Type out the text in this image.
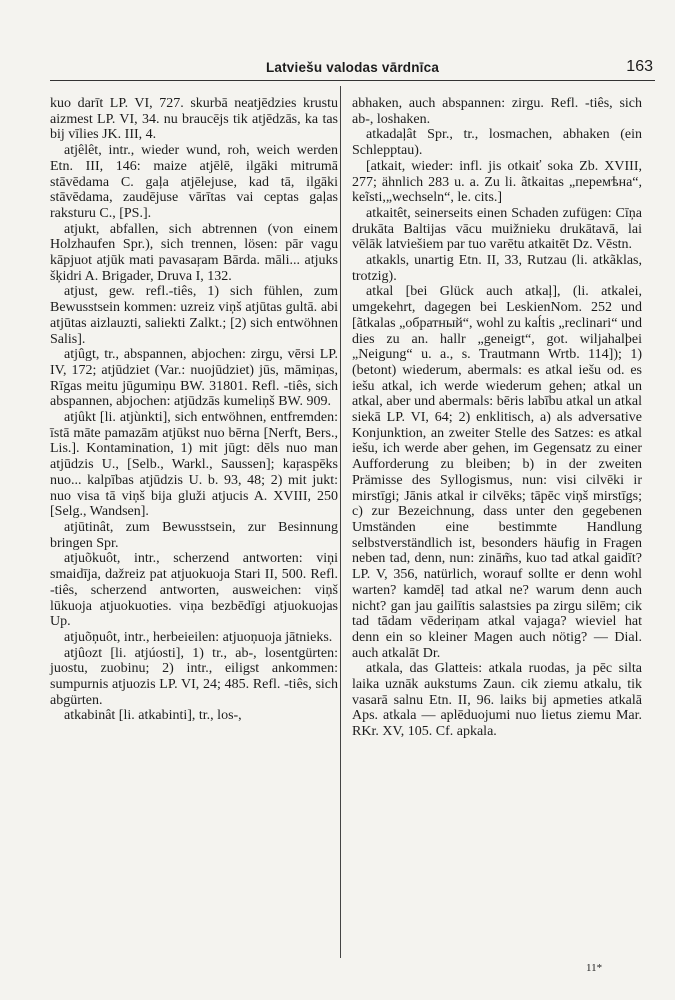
Latviešu valodas vārdnīca	163

kuo darīt LP. VI, 727. skurbā neatjēdzies krustu aizmest LP. VI, 34. nu braucējs tik atjēdzās, ka tas bij vīlies JK. III, 4.

atjêlêt, intr., wieder wund, roh, weich werden Etn. III, 146: maize atjēlē, ilgāki mitrumā stāvēdama C. gaļa atjēlejuse, kad tā, ilgāki stāvēdama, zaudējuse vārītas vai ceptas gaļas raksturu C., [PS.].

atjukt, abfallen, sich abtrennen (von einem Holzhaufen Spr.), sich trennen, lösen: pār vagu kāpjuot atjūk mati pavasaŗam Bārda. māli... atjuks šķidri A. Brigader, Druva I, 132.

atjust, gew. refl.-tiês, 1) sich fühlen, zum Bewusstsein kommen: uzreiz viņš atjūtas gultā. abi atjūtas aizlauzti, saliekti Zalkt.; [2) sich entwöhnen Salis].

atjûgt, tr., abspannen, abjochen: zirgu, vērsi LP. IV, 172; atjūdziet (Var.: nuojūdziet) jūs, māmiņas, Rīgas meitu jūgumiņu BW. 31801. Refl. -tiês, sich abspannen, abjochen: atjūdzās kumeliņš BW. 909.

atjûkt [li. atjùnkti], sich entwöhnen, entfremden: īstā māte pamazām atjūkst nuo bērna [Nerft, Bers., Lis.]. Kontamination, 1) mit jūgt: dēls nuo man atjūdzis U., [Selb., Warkl., Saussen]; kaŗaspēks nuo... kalpības atjūdzis U. b. 93, 48; 2) mit jukt: nuo visa tā viņš bija gluži atjucis A. XVIII, 250 [Selg., Wandsen].

atjūtinât, zum Bewusstsein, zur Besinnung bringen Spr.

atjuõkuôt, intr., scherzend antworten: viņi smaidīja, dažreiz pat atjuokuoja Stari II, 500. Refl. -tiês, scherzend antworten, ausweichen: viņš lūkuoja atjuokuoties. viņa bezbēdīgi atjuokuojas Up.

atjuõņuôt, intr., herbeieilen: atjuoņuoja jātnieks.

atjûozt [li. atjúosti], 1) tr., ab-, losentgürten: juostu, zuobinu; 2) intr., eiligst ankommen: sumpurnis atjuozis LP. VI, 24; 485. Refl. -tiês, sich abgürten.

atkabinât [li. atkabinti], tr., los-,

abhaken, auch abspannen: zirgu. Refl. -tiês, sich ab-, loshaken.

atkadaļât Spr., tr., losmachen, abhaken (ein Schlepptau).

[atkait, wieder: infl. jis otkaiť soka Zb. XVIII, 277; ähnlich 283 u. a. Zu li. ãtkaitas „перемѣна“, keĩsti,„wechseln“, le. cits.]

atkaitêt, seinerseits einen Schaden zufügen: Cīņa drukāta Baltijas vācu muižnieku drukātavā, lai vēlāk latviešiem par tuo varētu atkaitēt Dz. Vēstn.

atkakls, unartig Etn. II, 33, Rutzau (li. atkãklas, trotzig).

atkal [bei Glück auch atkaļ], (li. atkalei, umgekehrt, dagegen bei LeskienNom. 252 und [ãtkalas „обратный“, wohl zu kaĺtis „reclinari“ und dies zu an. hallr „geneigt“, got. wiljahalþei „Neigung“ u. a., s. Trautmann Wrtb. 114]); 1) (betont) wiederum, abermals: es atkal iešu od. es iešu atkal, ich werde wiederum gehen; atkal un atkal, aber und abermals: bēris labību atkal un atkal siekā LP. VI, 64; 2) enklitisch, a) als adversative Konjunktion, an zweiter Stelle des Satzes: es atkal iešu, ich werde aber gehen, im Gegensatz zu einer Aufforderung zu bleiben; b) in der zweiten Prämisse des Syllogismus, nun: visi cilvēki ir mirstīgi; Jānis atkal ir cilvēks; tāpēc viņš mirstīgs; c) zur Bezeichnung, dass unter den gegebenen Umständen eine bestimmte Handlung selbstverständlich ist, besonders häufig in Fragen neben tad, denn, nun: zinām̃s, kuo tad atkal gaidīt? LP. V, 356, natürlich, worauf sollte er denn wohl warten? kamdēļ tad atkal ne? warum denn auch nicht? gan jau gailītis salastsies pa zirgu silēm; cik tad tādam vēderiņam atkal vajaga? wieviel hat denn ein so kleiner Magen auch nötig? — Dial. auch atkalāt Dr.

atkala, das Glatteis: atkala ruodas, ja pēc silta laika uznāk aukstums Zaun. cik ziemu atkalu, tik vasarā salnu Etn. II, 96. laiks bij apmeties atkalā Aps. atkala — aplēduojumi nuo lietus ziemu Mar. RKr. XV, 105. Cf. apkala.

11*
